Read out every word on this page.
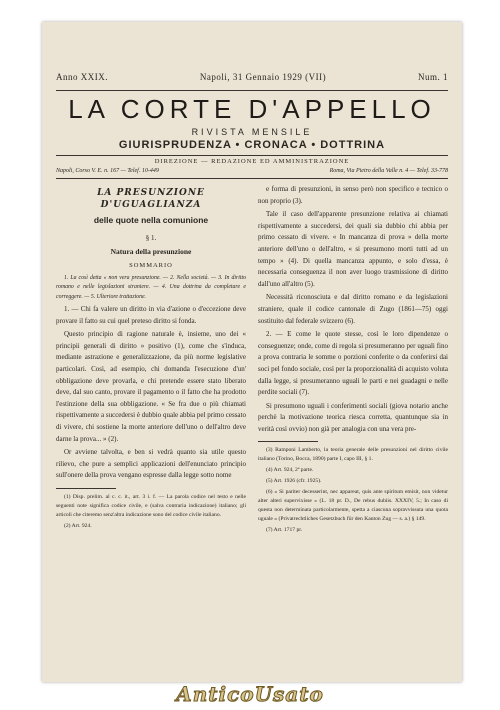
Anno XXIX.	Napoli, 31 Gennaio 1929 (VII)	Num. 1
LA CORTE D'APPELLO
RIVISTA MENSILE
GIURISPRUDENZA • CRONACA • DOTTRINA
DIREZIONE — REDAZIONE ED AMMINISTRAZIONE
Napoli, Corso V. E. n. 167 — Telef. 10-449	Roma, Via Pietro della Valle n. 4 — Telef. 33-778
LA PRESUNZIONE D'UGUAGLIANZA
delle quote nella comunione
§ 1.
Natura della presunzione
SOMMARIO

1. La così detta « non vera presunzione. — 2. Nella società. — 3. In diritto romano e nelle legislazioni straniere. — 4. Una dottrina da completare e correggere. — 5. Ulteriore trattazione.

1. — Chi fa valere un diritto in via d'azione o d'eccezione deve provare il fatto su cui quel preteso diritto si fonda.

Questo principio di ragione naturale è, insieme, uno dei « principii generali di diritto » positivo (1), come che s'induca, mediante astrazione e generalizzazione, da più norme legislative particolari. Così, ad esempio, chi domanda l'esecuzione d'un' obbligazione deve provarla, e chi pretende essere stato liberato deve, dal suo canto, provare il pagamento o il fatto che ha prodotto l'estinzione della sua obbligazione. « Se fra due o più chiamati rispettivamente a succedersi è dubbio quale abbia pel primo cessato di vivere, chi sostiene la morte anteriore dell'uno o dell'altro deve darne la prova... » (2).

Or avviene talvolta, e ben si vedrà quanto sia utile questo rilievo, che pure a semplici applicazioni dell'enunciato principio sull'onere della prova vengano espresse dalla legge sotto nome

(1) Disp. prelim. al c. c. it., art. 3 i. f. — La parola codice nel testo e nelle seguenti note significa codice civile, e (salva contraria indicazione) italiano; gli articoli che citeremo senz'altra indicazione sono del codice civile italiano.

(2) Art. 924.

e forma di presunzioni, in senso però non specifico e tecnico o non proprio (3).

Tale il caso dell'apparente presunzione relativa ai chiamati rispettivamente a succedersi, dei quali sia dubbio chi abbia per primo cessato di vivere. « In mancanza di prova » della morte anteriore dell'uno o dell'altro, « si presumono morti tutti ad un tempo » (4). Di quella mancanza appunto, e solo d'essa, è necessaria conseguenza il non aver luogo trasmissione di diritto dall'uno all'altro (5).

Necessità riconosciuta e dal diritto romano e da legislazioni straniere, quale il codice cantonale di Zugo (1861—75) oggi sostituito dal federale svizzero (6).

2. — E come le quote stesse, così le loro dipendenze o conseguenze; onde, come di regola si presumeranno per uguali fino a prova contraria le somme o porzioni conferite o da conferirsi dai soci pel fondo sociale, così per la proporzionalità di acquisto voluta dalla legge, si presumeranno uguali le parti e nei guadagni e nelle perdite sociali (7).

Si presumono uguali i conferimenti sociali (giova notario anche perchè la motivazione teorica riesca corretta, quantunque sia in verità così ovvio) non già per analogia con una vera pre-

(3) Ramponi Lamberto, la teoria generale delle presunzioni nel diritto civile italiano (Torino, Bocca, 1890) parte I, capo III, § 1.

(4) Art. 924, 2ª parte.

(5) Art. 1926 (cfr. 1925).

(6) « Si pariter decesserint, nec appareat, quis ante spiritum emisit, non videtur alter alteri supervixisse » (L. 18 pr. D., De rebus dubiis. XXXIV, 5.; In caso di questa non determinata particolarmente, spetta a ciascuna sopravvissuta una quota uguale » (Privatrechtliches Gesetzbuch für den Kanton Zug — s. a.) § 149.

(7) Art. 1717 pr.

AnticoUsato
